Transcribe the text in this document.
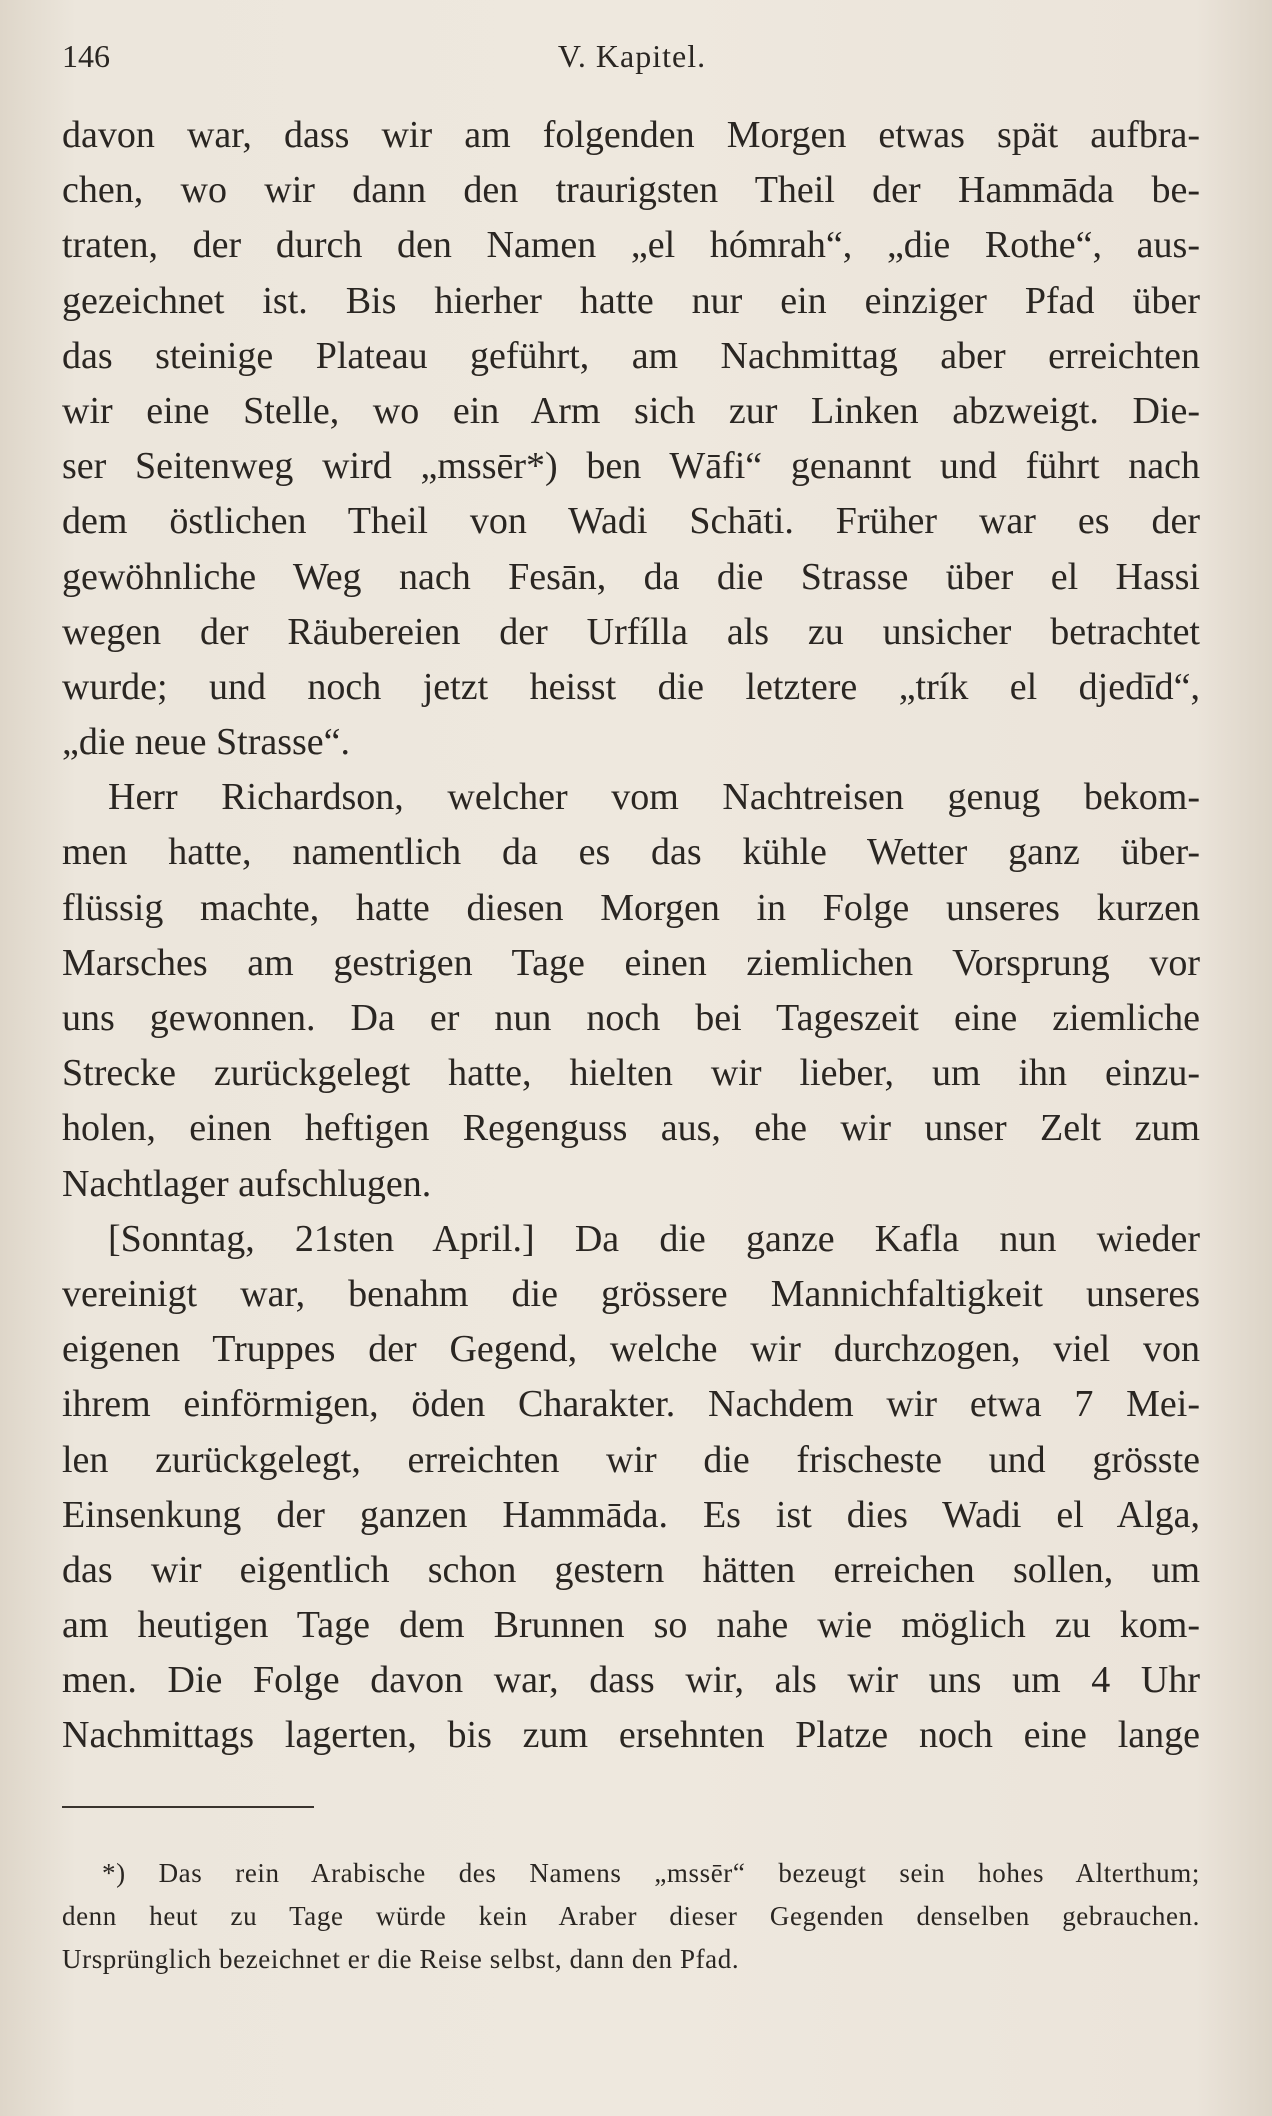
146	V. Kapitel.
davon war, dass wir am folgenden Morgen etwas spät aufbra-
chen, wo wir dann den traurigsten Theil der Hammāda be-
traten, der durch den Namen „el hómrah“, „die Rothe“, aus-
gezeichnet ist. Bis hierher hatte nur ein einziger Pfad über
das steinige Plateau geführt, am Nachmittag aber erreichten
wir eine Stelle, wo ein Arm sich zur Linken abzweigt. Die-
ser Seitenweg wird „mssēr*) ben Wāfi“ genannt und führt nach
dem östlichen Theil von Wadi Schāti. Früher war es der
gewöhnliche Weg nach Fesān, da die Strasse über el Hassi
wegen der Räubereien der Urfílla als zu unsicher betrachtet
wurde; und noch jetzt heisst die letztere „trík el djedīd“,
„die neue Strasse“.
Herr Richardson, welcher vom Nachtreisen genug bekom-
men hatte, namentlich da es das kühle Wetter ganz über-
flüssig machte, hatte diesen Morgen in Folge unseres kurzen
Marsches am gestrigen Tage einen ziemlichen Vorsprung vor
uns gewonnen. Da er nun noch bei Tageszeit eine ziemliche
Strecke zurückgelegt hatte, hielten wir lieber, um ihn einzu-
holen, einen heftigen Regenguss aus, ehe wir unser Zelt zum
Nachtlager aufschlugen.
[Sonntag, 21sten April.] Da die ganze Kafla nun wieder
vereinigt war, benahm die grössere Mannichfaltigkeit unseres
eigenen Truppes der Gegend, welche wir durchzogen, viel von
ihrem einförmigen, öden Charakter. Nachdem wir etwa 7 Mei-
len zurückgelegt, erreichten wir die frischeste und grösste
Einsenkung der ganzen Hammāda. Es ist dies Wadi el Alga,
das wir eigentlich schon gestern hätten erreichen sollen, um
am heutigen Tage dem Brunnen so nahe wie möglich zu kom-
men. Die Folge davon war, dass wir, als wir uns um 4 Uhr
Nachmittags lagerten, bis zum ersehnten Platze noch eine lange
*) Das rein Arabische des Namens „mssēr“ bezeugt sein hohes Alterthum;
denn heut zu Tage würde kein Araber dieser Gegenden denselben gebrauchen.
Ursprünglich bezeichnet er die Reise selbst, dann den Pfad.
